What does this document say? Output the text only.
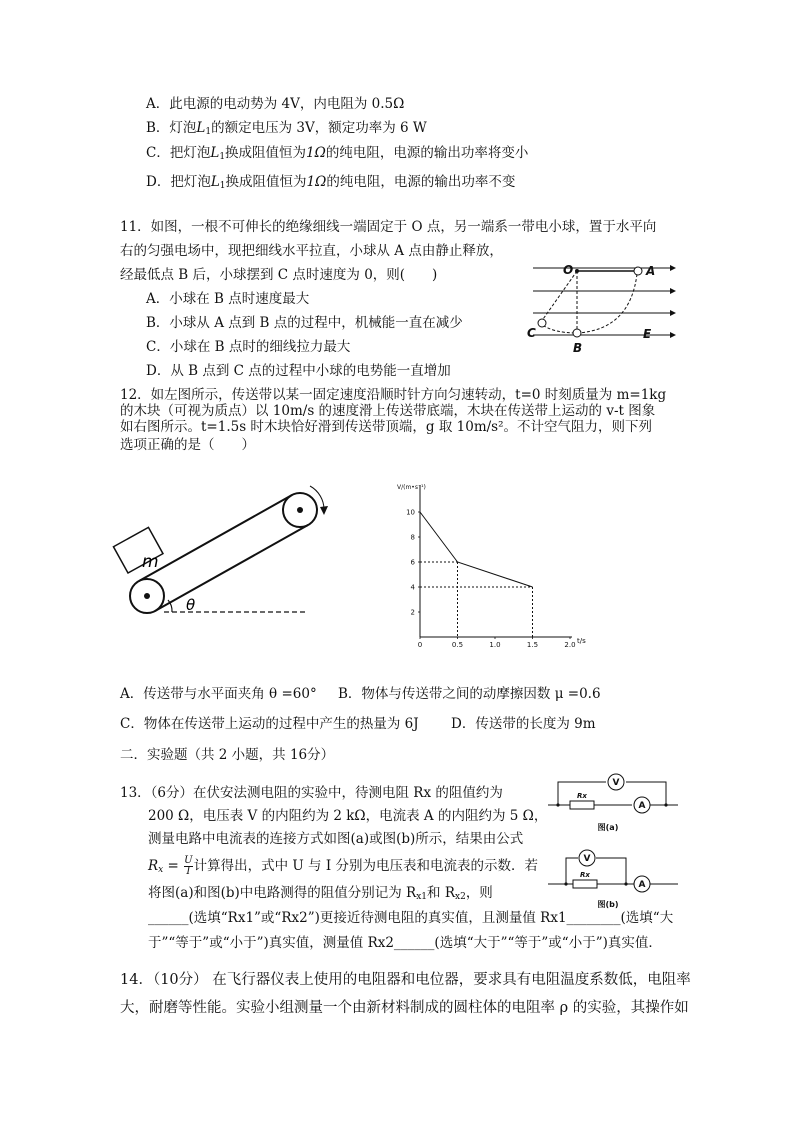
A．此电源的电动势为 4V，内电阻为 0.5Ω
B．灯泡$L_1$的额定电压为 3V，额定功率为 6 W
C．把灯泡$L_1$换成阻值恒为1Ω的纯电阻，电源的输出功率将变小
D．把灯泡$L_1$换成阻值恒为1Ω的纯电阻，电源的输出功率不变
11．如图，一根不可伸长的绝缘细线一端固定于 O 点，另一端系一带电小球，置于水平向
右的匀强电场中，现把细线水平拉直，小球从 A 点由静止释放，
经最低点 B 后，小球摆到 C 点时速度为 0，则(　　)
A．小球在 B 点时速度最大
B．小球从 A 点到 B 点的过程中，机械能一直在减少
C．小球在 B 点时的细线拉力最大
D．从 B 点到 C 点的过程中小球的电势能一直增加
O	A
B
C	E
12．如左图所示，传送带以某一固定速度沿顺时针方向匀速转动，t=0 时刻质量为 m=1kg
的木块（可视为质点）以 10m/s 的速度滑上传送带底端，木块在传送带上运动的 v-t 图象
如右图所示。t=1.5s 时木块恰好滑到传送带顶端，g 取 10m/s²。不计空气阻力，则下列
选项正确的是（　　）
m
θ
V/(m•s⁻¹)
t/s
0	0.5	1.0	1.5	2.0
2
4
6
8
10
A．传送带与水平面夹角 θ =60° B．物体与传送带之间的动摩擦因数 μ =0.6
C．物体在传送带上运动的过程中产生的热量为 6J D．传送带的长度为 9m
二．实验题（共 2 小题，共 16分）
13．（6分）在伏安法测电阻的实验中，待测电阻 Rx 的阻值约为
200 Ω，电压表 V 的内阻约为 2 kΩ，电流表 A 的内阻约为 5 Ω，
测量电路中电流表的连接方式如图(a)或图(b)所示，结果由公式
$R_x = \frac{U}{I}$ 计算得出，式中 U 与 I 分别为电压表和电流表的示数．若
将图(a)和图(b)中电路测得的阻值分别记为 $R_{x1}$和 $R_{x2}$，则
______(选填“Rx1”或“Rx2”)更接近待测电阻的真实值，且测量值 Rx1________(选填“大
于”“等于”或“小于”)真实值，测量值 Rx2______(选填“大于”“等于”或“小于”)真实值．
V
A
Rx
图(a)
V
A
Rx
图(b)
14．（10分） 在飞行器仪表上使用的电阻器和电位器，要求具有电阻温度系数低，电阻率
大，耐磨等性能。实验小组测量一个由新材料制成的圆柱体的电阻率 ρ 的实验，其操作如
